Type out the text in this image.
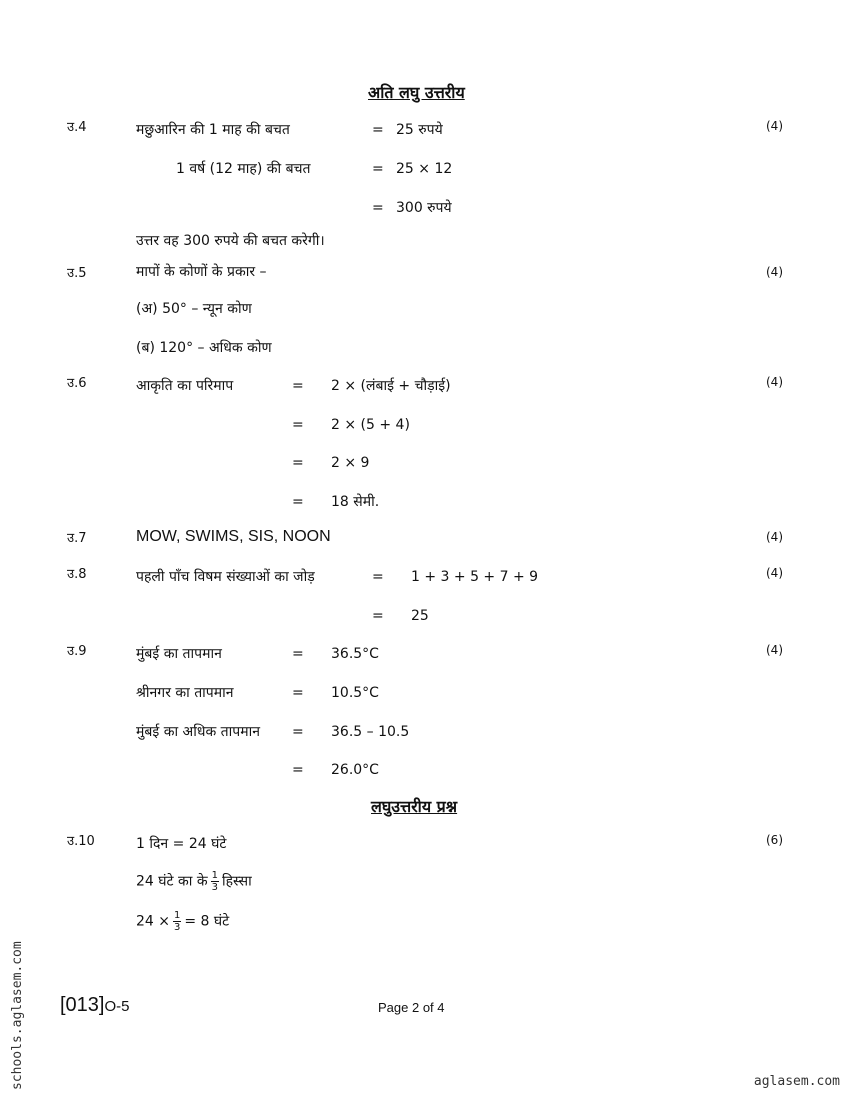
अति लघु उत्तरीय
लघुउत्तरीय प्रश्न
उ.4	(4)
मछुआरिन की 1 माह की बचत	= 25 रुपये
1 वर्ष (12 माह) की बचत	= 25 × 12
= 300 रुपये
उत्तर वह 300 रुपये की बचत करेगी।
उ.5	(4)
मापों के कोणों के प्रकार –
(अ) 50° – न्यून कोण
(ब) 120° – अधिक कोण
उ.6	(4)
आकृति का परिमाप	= 2 × (लंबाई + चौड़ाई)
= 2 × (5 + 4)
= 2 × 9
= 18 सेमी.
उ.7	(4)
MOW, SWIMS, SIS, NOON
उ.8	(4)
पहली पाँच विषम संख्याओं का जोड़	= 1 + 3 + 5 + 7 + 9
= 25
उ.9	(4)
मुंबई का तापमान	= 36.5°C
श्रीनगर का तापमान	= 10.5°C
मुंबई का अधिक तापमान = 36.5 – 10.5
= 26.0°C
उ.10	(6)
1 दिन = 24 घंटे
24 घंटे का के $\frac{1}{3}$ हिस्सा
$24 \times \frac{1}{3} = 8$ घंटे
[013]O-5	Page 2 of 4
schools.aglasem.com	aglasem.com
